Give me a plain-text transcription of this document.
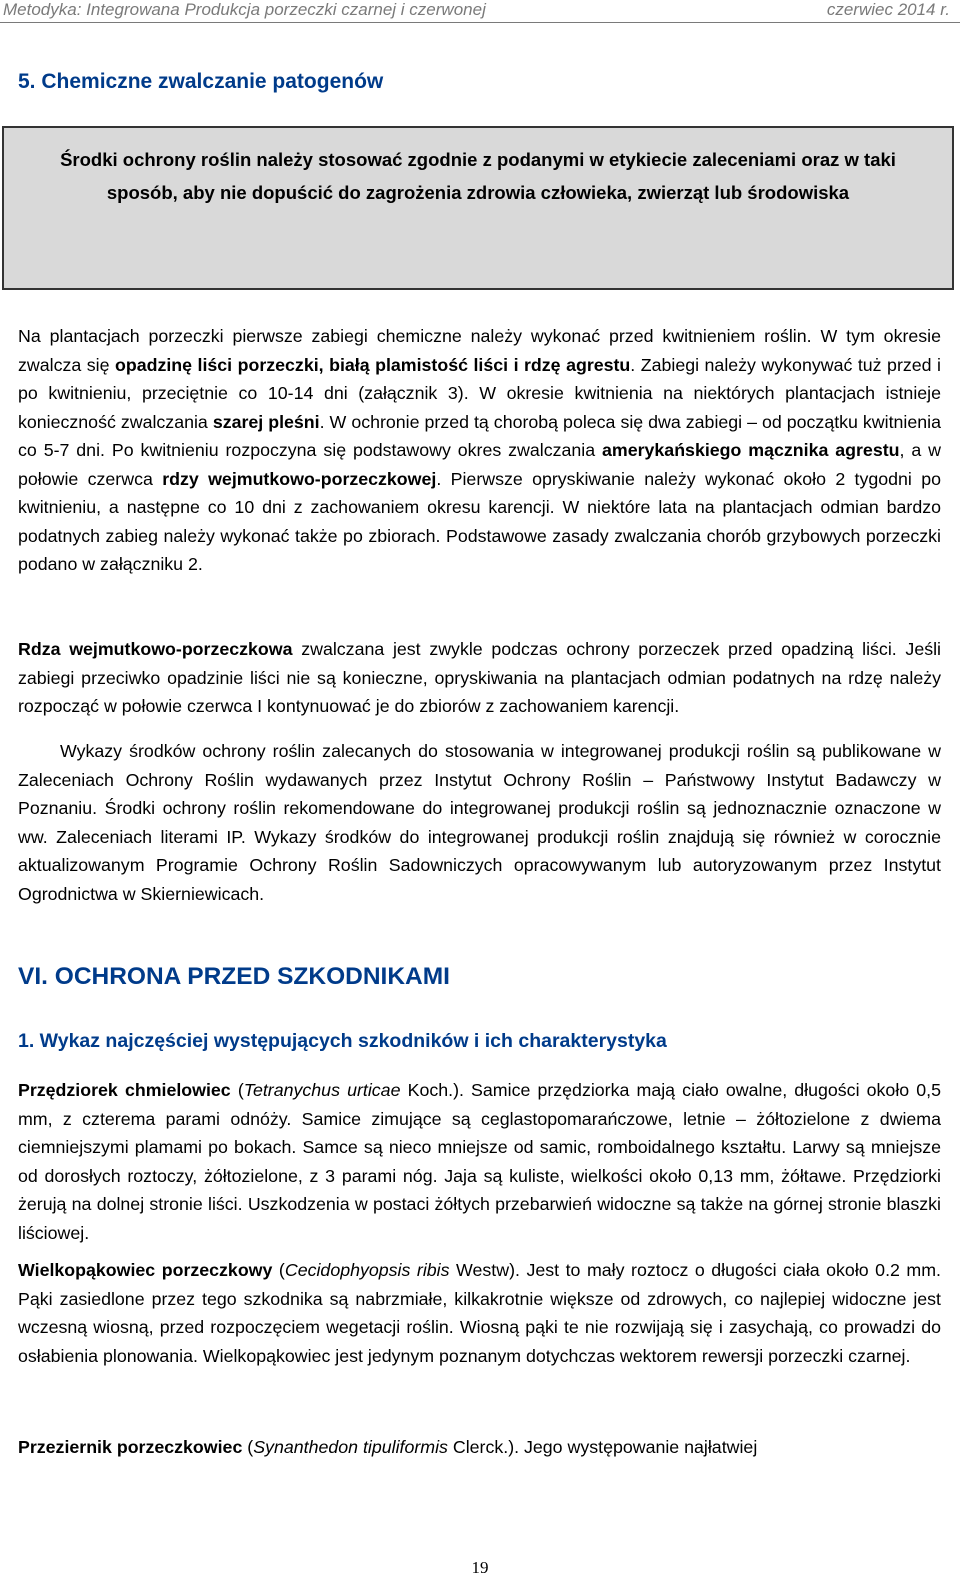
Metodyka: Integrowana Produkcja porzeczki czarnej i czerwonej	czerwiec 2014 r.
5. Chemiczne zwalczanie patogenów

Środki ochrony roślin należy stosować zgodnie z podanymi w etykiecie zaleceniami oraz w taki sposób, aby nie dopuścić do zagrożenia zdrowia człowieka, zwierząt lub środowiska

Na plantacjach porzeczki pierwsze zabiegi chemiczne należy wykonać przed kwitnieniem roślin. W tym okresie zwalcza się opadzinę liści porzeczki, białą plamistość liści i rdzę agrestu. Zabiegi należy wykonywać tuż przed i po kwitnieniu, przeciętnie co 10-14 dni (załącznik 3). W okresie kwitnienia na niektórych plantacjach istnieje konieczność zwalczania szarej pleśni. W ochronie przed tą chorobą poleca się dwa zabiegi – od początku kwitnienia co 5-7 dni. Po kwitnieniu rozpoczyna się podstawowy okres zwalczania amerykańskiego mącznika agrestu, a w połowie czerwca rdzy wejmutkowo-porzeczkowej. Pierwsze opryskiwanie należy wykonać około 2 tygodni po kwitnieniu, a następne co 10 dni z zachowaniem okresu karencji. W niektóre lata na plantacjach odmian bardzo podatnych zabieg należy wykonać także po zbiorach. Podstawowe zasady zwalczania chorób grzybowych porzeczki podano w załączniku 2.

Rdza wejmutkowo-porzeczkowa zwalczana jest zwykle podczas ochrony porzeczek przed opadziną liści. Jeśli zabiegi przeciwko opadzinie liści nie są konieczne, opryskiwania na plantacjach odmian podatnych na rdzę należy rozpocząć w połowie czerwca I kontynuować je do zbiorów z zachowaniem karencji.

Wykazy środków ochrony roślin zalecanych do stosowania w integrowanej produkcji roślin są publikowane w Zaleceniach Ochrony Roślin wydawanych przez Instytut Ochrony Roślin – Państwowy Instytut Badawczy w Poznaniu. Środki ochrony roślin rekomendowane do integrowanej produkcji roślin są jednoznacznie oznaczone w ww. Zaleceniach literami IP. Wykazy środków do integrowanej produkcji roślin znajdują się również w corocznie aktualizowanym Programie Ochrony Roślin Sadowniczych opracowywanym lub autoryzowanym przez Instytut Ogrodnictwa w Skierniewicach.

VI. OCHRONA PRZED SZKODNIKAMI
1. Wykaz najczęściej występujących szkodników i ich charakterystyka

Przędziorek chmielowiec (Tetranychus urticae Koch.). Samice przędziorka mają ciało owalne, długości około 0,5 mm, z czterema parami odnóży. Samice zimujące są ceglastopomarańczowe, letnie – żółtozielone z dwiema ciemniejszymi plamami po bokach. Samce są nieco mniejsze od samic, romboidalnego kształtu. Larwy są mniejsze od dorosłych roztoczy, żółtozielone, z 3 parami nóg. Jaja są kuliste, wielkości około 0,13 mm, żółtawe. Przędziorki żerują na dolnej stronie liści. Uszkodzenia w postaci żółtych przebarwień widoczne są także na górnej stronie blaszki liściowej.

Wielkopąkowiec porzeczkowy (Cecidophyopsis ribis Westw). Jest to mały roztocz o długości ciała około 0.2 mm. Pąki zasiedlone przez tego szkodnika są nabrzmiałe, kilkakrotnie większe od zdrowych, co najlepiej widoczne jest wczesną wiosną, przed rozpoczęciem wegetacji roślin. Wiosną pąki te nie rozwijają się i zasychają, co prowadzi do osłabienia plonowania. Wielkopąkowiec jest jedynym poznanym dotychczas wektorem rewersji porzeczki czarnej.

Przeziernik porzeczkowiec (Synanthedon tipuliformis Clerck.). Jego występowanie najłatwiej

19
